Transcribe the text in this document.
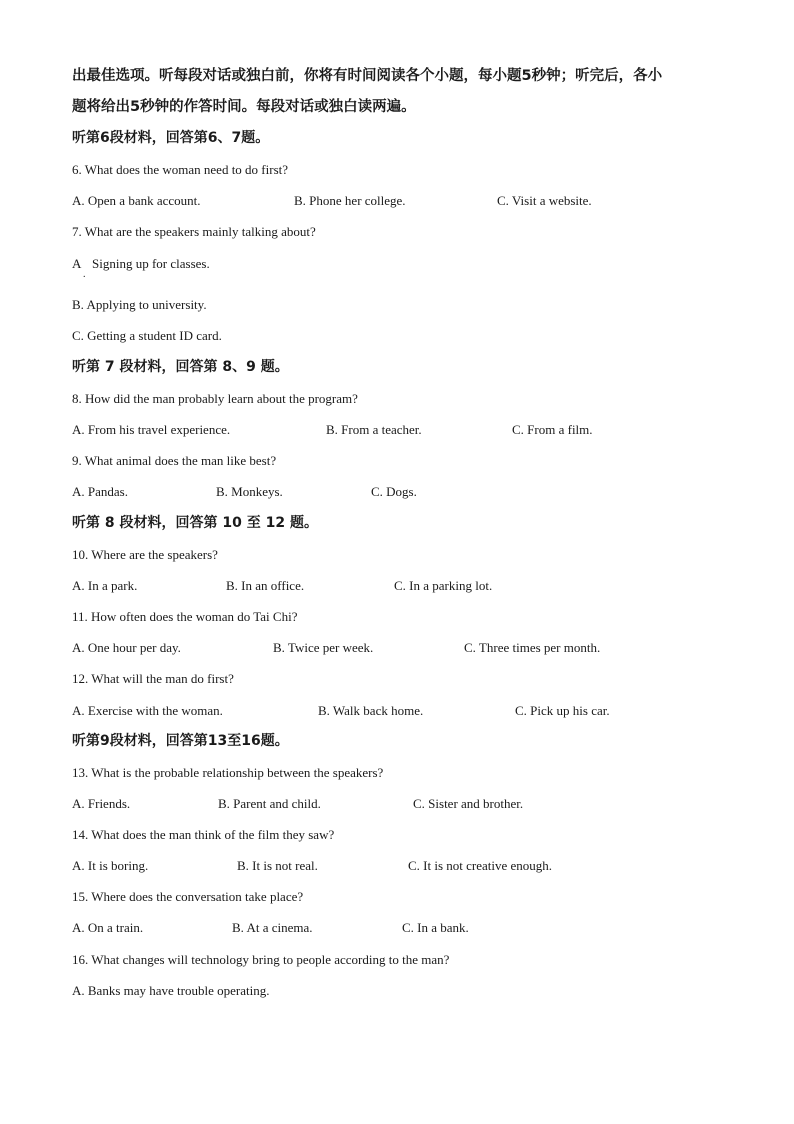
出最佳选项。听每段对话或独白前，你将有时间阅读各个小题，每小题5秒钟；听完后，各小
题将给出5秒钟的作答时间。每段对话或独白读两遍。
听第6段材料，回答第6、7题。
6. What does the woman need to do first?
A. Open a bank account.	B. Phone her college.	C. Visit a website.
7. What are the speakers mainly talking about?
A Signing up for classes.
.
B. Applying to university.
C. Getting a student ID card.
听第 7 段材料，回答第 8、9 题。
8. How did the man probably learn about the program?
A. From his travel experience.	B. From a teacher.	C. From a film.
9. What animal does the man like best?
A. Pandas.	B. Monkeys.	C. Dogs.
听第 8 段材料，回答第 10 至 12 题。
10. Where are the speakers?
A. In a park.	B. In an office.	C. In a parking lot.
11. How often does the woman do Tai Chi?
A. One hour per day.	B. Twice per week.	C. Three times per month.
12. What will the man do first?
A. Exercise with the woman.	B. Walk back home.	C. Pick up his car.
听第9段材料，回答第13至16题。
13. What is the probable relationship between the speakers?
A. Friends.	B. Parent and child.	C. Sister and brother.
14. What does the man think of the film they saw?
A. It is boring.	B. It is not real.	C. It is not creative enough.
15. Where does the conversation take place?
A. On a train.	B. At a cinema.	C. In a bank.
16. What changes will technology bring to people according to the man?
A. Banks may have trouble operating.
